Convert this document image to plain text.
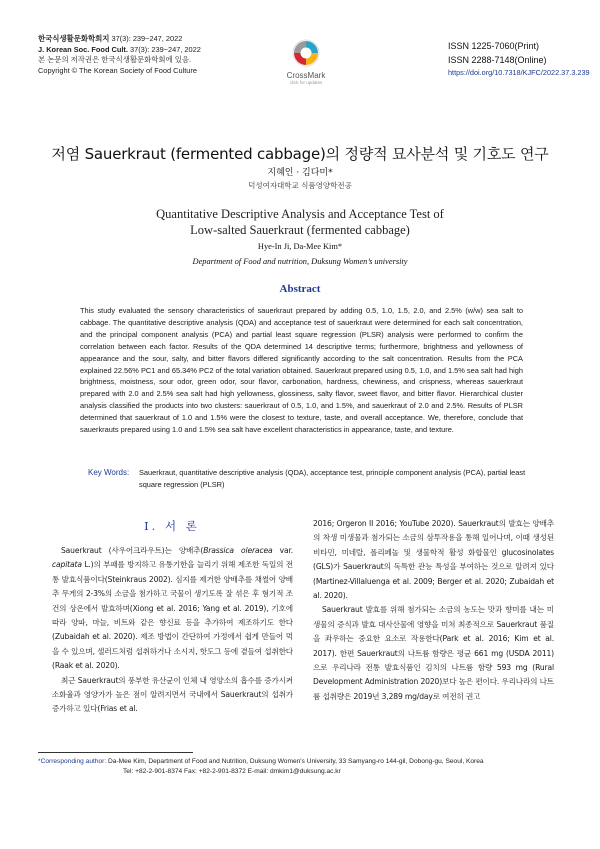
한국식생활문화학회지 37(3): 239~247, 2022
J. Korean Soc. Food Cult. 37(3): 239~247, 2022
본 논문의 저작권은 한국식생활문화학회에 있음.
Copyright © The Korean Society of Food Culture
CrossMark
click for updates
ISSN 1225-7060(Print)
ISSN 2288-7148(Online)
https://doi.org/10.7318/KJFC/2022.37.3.239
저염 Sauerkraut (fermented cabbage)의 정량적 묘사분석 및 기호도 연구
지혜인 · 김다미*
덕성여자대학교 식품영양학전공
Quantitative Descriptive Analysis and Acceptance Test of
Low-salted Sauerkraut (fermented cabbage)
Hye-In Ji, Da-Mee Kim*
Department of Food and nutrition, Duksung Women’s university
Abstract
This study evaluated the sensory characteristics of sauerkraut prepared by adding 0.5, 1.0, 1.5, 2.0, and 2.5% (w/w) sea salt to cabbage. The quantitative descriptive analysis (QDA) and acceptance test of sauerkraut were determined for each salt concentration, and the principal component analysis (PCA) and partial least square regression (PLSR) analysis were performed to confirm the correlation between each factor. Results of the QDA determined 14 descriptive terms; furthermore, brightness and yellowness of appearance and the sour, salty, and bitter flavors differed significantly according to the salt concentration. Results from the PCA explained 22.56% PC1 and 65.34% PC2 of the total variation obtained. Sauerkraut prepared using 0.5, 1.0, and 1.5% sea salt had high brightness, moistness, sour odor, green odor, sour flavor, carbonation, hardness, chewiness, and crispness, whereas sauerkraut prepared with 2.0 and 2.5% sea salt had high yellowness, glossiness, salty flavor, sweet flavor, and bitter flavor. Hierarchical cluster analysis classified the products into two clusters: sauerkraut of 0.5, 1.0, and 1.5%, and sauerkraut of 2.0 and 2.5%. Results of PLSR determined that sauerkraut of 1.0 and 1.5% were the closest to texture, taste, and overall acceptance. We, therefore, conclude that sauerkrauts prepared using 1.0 and 1.5% sea salt have excellent characteristics in appearance, taste, and texture.
Key Words: Sauerkraut, quantitative descriptive analysis (QDA), acceptance test, principle component analysis (PCA), partial least square regression (PLSR)
Ⅰ. 서 론

Sauerkraut (사우어크라우트)는 양배추(Brassica oleracea var. capitata L.)의 부패를 방지하고 유통기한을 늘리기 위해 제조한 독일의 전통 발효식품이다(Steinkraus 2002). 심지를 제거한 양배추를 채썰어 양배추 무게의 2-3%의 소금을 첨가하고 국물이 생기도록 잘 섞은 후 혐기적 조건의 상온에서 발효하며(Xiong et al. 2016; Yang et al. 2019), 기호에 따라 양파, 마늘, 비트와 같은 향신료 등을 추가하여 제조하기도 한다(Zubaidah et al. 2020). 제조 방법이 간단하여 가정에서 쉽게 만들어 먹을 수 있으며, 샐러드처럼 섭취하거나 소시지, 핫도그 등에 곁들여 섭취한다(Raak et al. 2020).

최근 Sauerkraut의 풍부한 유산균이 인체 내 영양소의 흡수를 증가시켜 소화율과 영양가가 높은 점이 알려지면서 국내에서 Sauerkraut의 섭취가 증가하고 있다(Frias et al.

2016; Orgeron II 2016; YouTube 2020). Sauerkraut의 발효는 양배추의 착생 미생물과 첨가되는 소금의 삼투작용을 통해 일어나며, 이때 생성된 비타민, 미네랄, 폴리페놀 및 생물학적 활성 화합물인 glucosinolates (GLS)가 Sauerkraut의 독특한 관능 특성을 부여하는 것으로 알려져 있다(Martinez-Villaluenga et al. 2009; Berger et al. 2020; Zubaidah et al. 2020).

Sauerkraut 발효를 위해 첨가되는 소금의 농도는 맛과 향미를 내는 미생물의 증식과 발효 대사산물에 영향을 미쳐 최종적으로 Sauerkraut 품질을 좌우하는 중요한 요소로 작용한다(Park et al. 2016; Kim et al. 2017). 한편 Sauerkraut의 나트륨 함량은 평균 661 mg (USDA 2011)으로 우리나라 전통 발효식품인 김치의 나트륨 함량 593 mg (Rural Development Administration 2020)보다 높은 편이다. 우리나라의 나트륨 섭취량은 2019년 3,289 mg/day로 여전히 권고

*Corresponding author: Da-Mee Kim, Department of Food and Nutrition, Duksung Women's University, 33 Samyang-ro 144-gil, Dobong-gu, Seoul, Korea
Tel: +82-2-901-8374 Fax: +82-2-901-8372 E-mail: dmkim1@duksung.ac.kr
